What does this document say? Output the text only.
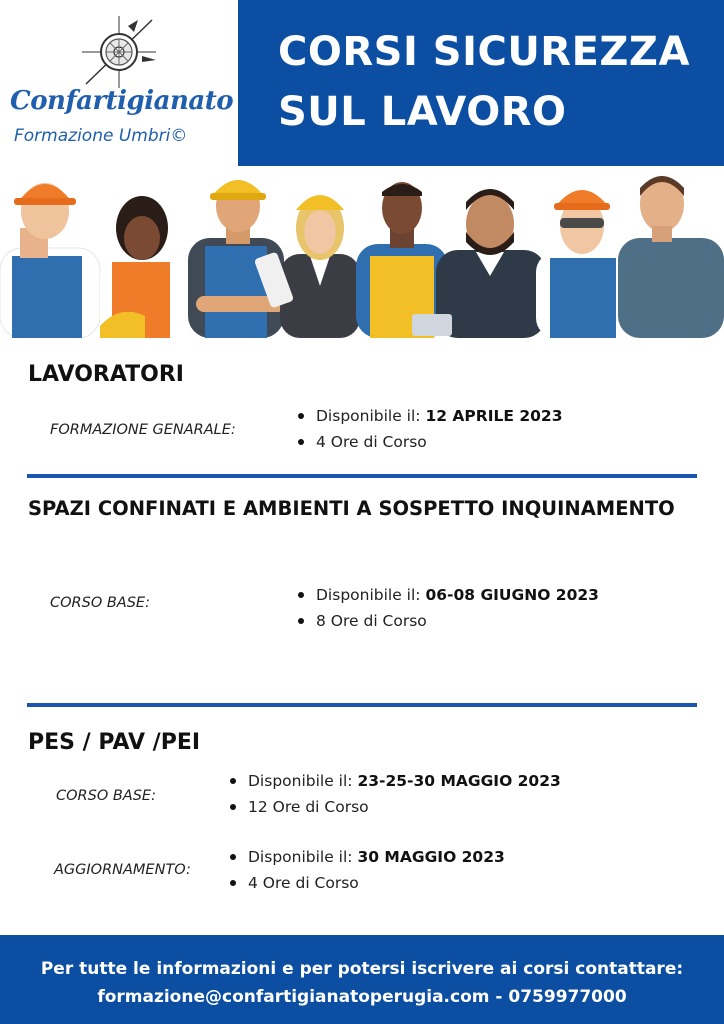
Confartigianato
Formazione Umbri©
CORSI SICUREZZA
SUL LAVORO
LAVORATORI
FORMAZIONE GENARALE:
Disponibile il: 12 APRILE 2023
4 Ore di Corso
SPAZI CONFINATI E AMBIENTI A SOSPETTO INQUINAMENTO
CORSO BASE:	Disponibile il: 06-08 GIUGNO 2023
8 Ore di Corso
PES / PAV /PEI
CORSO BASE:
Disponibile il: 23-25-30 MAGGIO 2023
12 Ore di Corso
AGGIORNAMENTO:
Disponibile il: 30 MAGGIO 2023
4 Ore di Corso
Per tutte le informazioni e per potersi iscrivere ai corsi contattare:
formazione@confartigianatoperugia.com - 0759977000
